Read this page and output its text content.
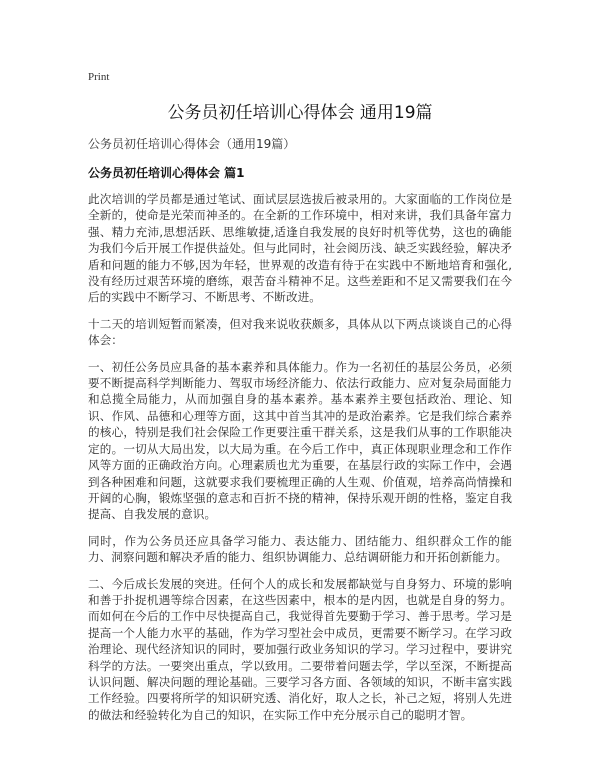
Print
公务员初任培训心得体会 通用19篇
公务员初任培训心得体会（通用19篇）
公务员初任培训心得体会 篇1

此次培训的学员都是通过笔试、面试层层选拔后被录用的。大家面临的工作岗位是全新的，使命是光荣而神圣的。在全新的工作环境中，相对来讲，我们具备年富力强、精力充沛,思想活跃、思维敏捷,适逢自我发展的良好时机等优势，这也的确能为我们今后开展工作提供益处。但与此同时，社会阅历浅、缺乏实践经验，解决矛盾和问题的能力不够,因为年轻，世界观的改造有待于在实践中不断地培育和强化,没有经历过艰苦环境的磨练，艰苦奋斗精神不足。这些差距和不足又需要我们在今后的实践中不断学习、不断思考、不断改进。

十二天的培训短暂而紧凑，但对我来说收获颇多，具体从以下两点谈谈自己的心得体会：

一、初任公务员应具备的基本素养和具体能力。作为一名初任的基层公务员，必须要不断提高科学判断能力、驾驭市场经济能力、依法行政能力、应对复杂局面能力和总揽全局能力，从而加强自身的基本素养。基本素养主要包括政治、理论、知识、作风、品德和心理等方面，这其中首当其冲的是政治素养。它是我们综合素养的核心，特别是我们社会保险工作更要注重干群关系，这是我们从事的工作职能决定的。一切从大局出发，以大局为重。在今后工作中，真正体现职业理念和工作作风等方面的正确政治方向。心理素质也尤为重要，在基层行政的实际工作中，会遇到各种困难和问题，这就要求我们要梳理正确的人生观、价值观，培养高尚情操和开阔的心胸，锻炼坚强的意志和百折不挠的精神，保持乐观开朗的性格，鉴定自我提高、自我发展的意识。

同时，作为公务员还应具备学习能力、表达能力、团结能力、组织群众工作的能力、洞察问题和解决矛盾的能力、组织协调能力、总结调研能力和开拓创新能力。

二、今后成长发展的突进。任何个人的成长和发展都缺觉与自身努力、环境的影响和善于扑捉机遇等综合因素，在这些因素中，根本的是内因，也就是自身的努力。而如何在今后的工作中尽快提高自己，我觉得首先要勤于学习、善于思考。学习是提高一个人能力水平的基础，作为学习型社会中成员，更需要不断学习。在学习政治理论、现代经济知识的同时，要加强行政业务知识的学习。学习过程中，要讲究科学的方法。一要突出重点，学以致用。二要带着问题去学，学以至深，不断提高认识问题、解决问题的理论基础。三要学习各方面、各领域的知识，不断丰富实践工作经验。四要将所学的知识研究透、消化好，取人之长，补己之短，将别人先进的做法和经验转化为自己的知识，在实际工作中充分展示自己的聪明才智。
